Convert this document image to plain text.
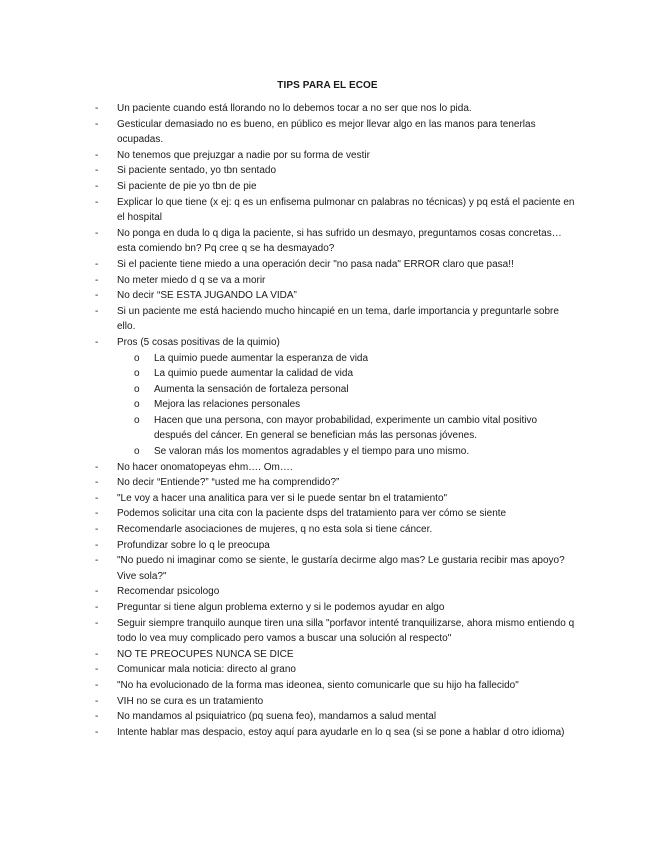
TIPS PARA EL ECOE
- Un paciente cuando está llorando no lo debemos tocar a no ser que nos lo pida.
- Gesticular demasiado no es bueno, en público es mejor llevar algo en las manos para tenerlas ocupadas.
- No tenemos que prejuzgar a nadie por su forma de vestir
- Si paciente sentado, yo tbn sentado
- Si paciente de pie yo tbn de pie
- Explicar lo que tiene (x ej: q es un enfisema pulmonar cn palabras no técnicas) y pq está el paciente en el hospital
- No ponga en duda lo q diga la paciente, si has sufrido un desmayo, preguntamos cosas concretas…esta comiendo bn? Pq cree q se ha desmayado?
- Si el paciente tiene miedo a una operación decir "no pasa nada" ERROR claro que pasa!!
- No meter miedo d q se va a morir
- No decir “SE ESTA JUGANDO LA VIDA”
- Si un paciente me está haciendo mucho hincapié en un tema, darle importancia y preguntarle sobre ello.
- Pros (5 cosas positivas de la quimio)
o La quimio puede aumentar la esperanza de vida
o La quimio puede aumentar la calidad de vida
o Aumenta la sensación de fortaleza personal
o Mejora las relaciones personales
o Hacen que una persona, con mayor probabilidad, experimente un cambio vital positivo después del cáncer. En general se benefician más las personas jóvenes.
o Se valoran más los momentos agradables y el tiempo para uno mismo.
- No hacer onomatopeyas ehm…. Om….
- No decir “Entiende?” “usted me ha comprendido?”
- "Le voy a hacer una analitica para ver si le puede sentar bn el tratamiento"
- Podemos solicitar una cita con la paciente dsps del tratamiento para ver cómo se siente
- Recomendarle asociaciones de mujeres, q no esta sola si tiene cáncer.
- Profundizar sobre lo q le preocupa
- "No puedo ni imaginar como se siente, le gustaría decirme algo mas? Le gustaria recibir mas apoyo? Vive sola?"
- Recomendar psicologo
- Preguntar si tiene algun problema externo y si le podemos ayudar en algo
- Seguir siempre tranquilo aunque tiren una silla "porfavor intenté tranquilizarse, ahora mismo entiendo q todo lo vea muy complicado pero vamos a buscar una solución al respecto"
- NO TE PREOCUPES NUNCA SE DICE
- Comunicar mala noticia: directo al grano
- "No ha evolucionado de la forma mas ideonea, siento comunicarle que su hijo ha fallecido"
- VIH no se cura es un tratamiento
- No mandamos al psiquiatrico (pq suena feo), mandamos a salud mental
- Intente hablar mas despacio, estoy aquí para ayudarle en lo q sea (si se pone a hablar d otro idioma)
